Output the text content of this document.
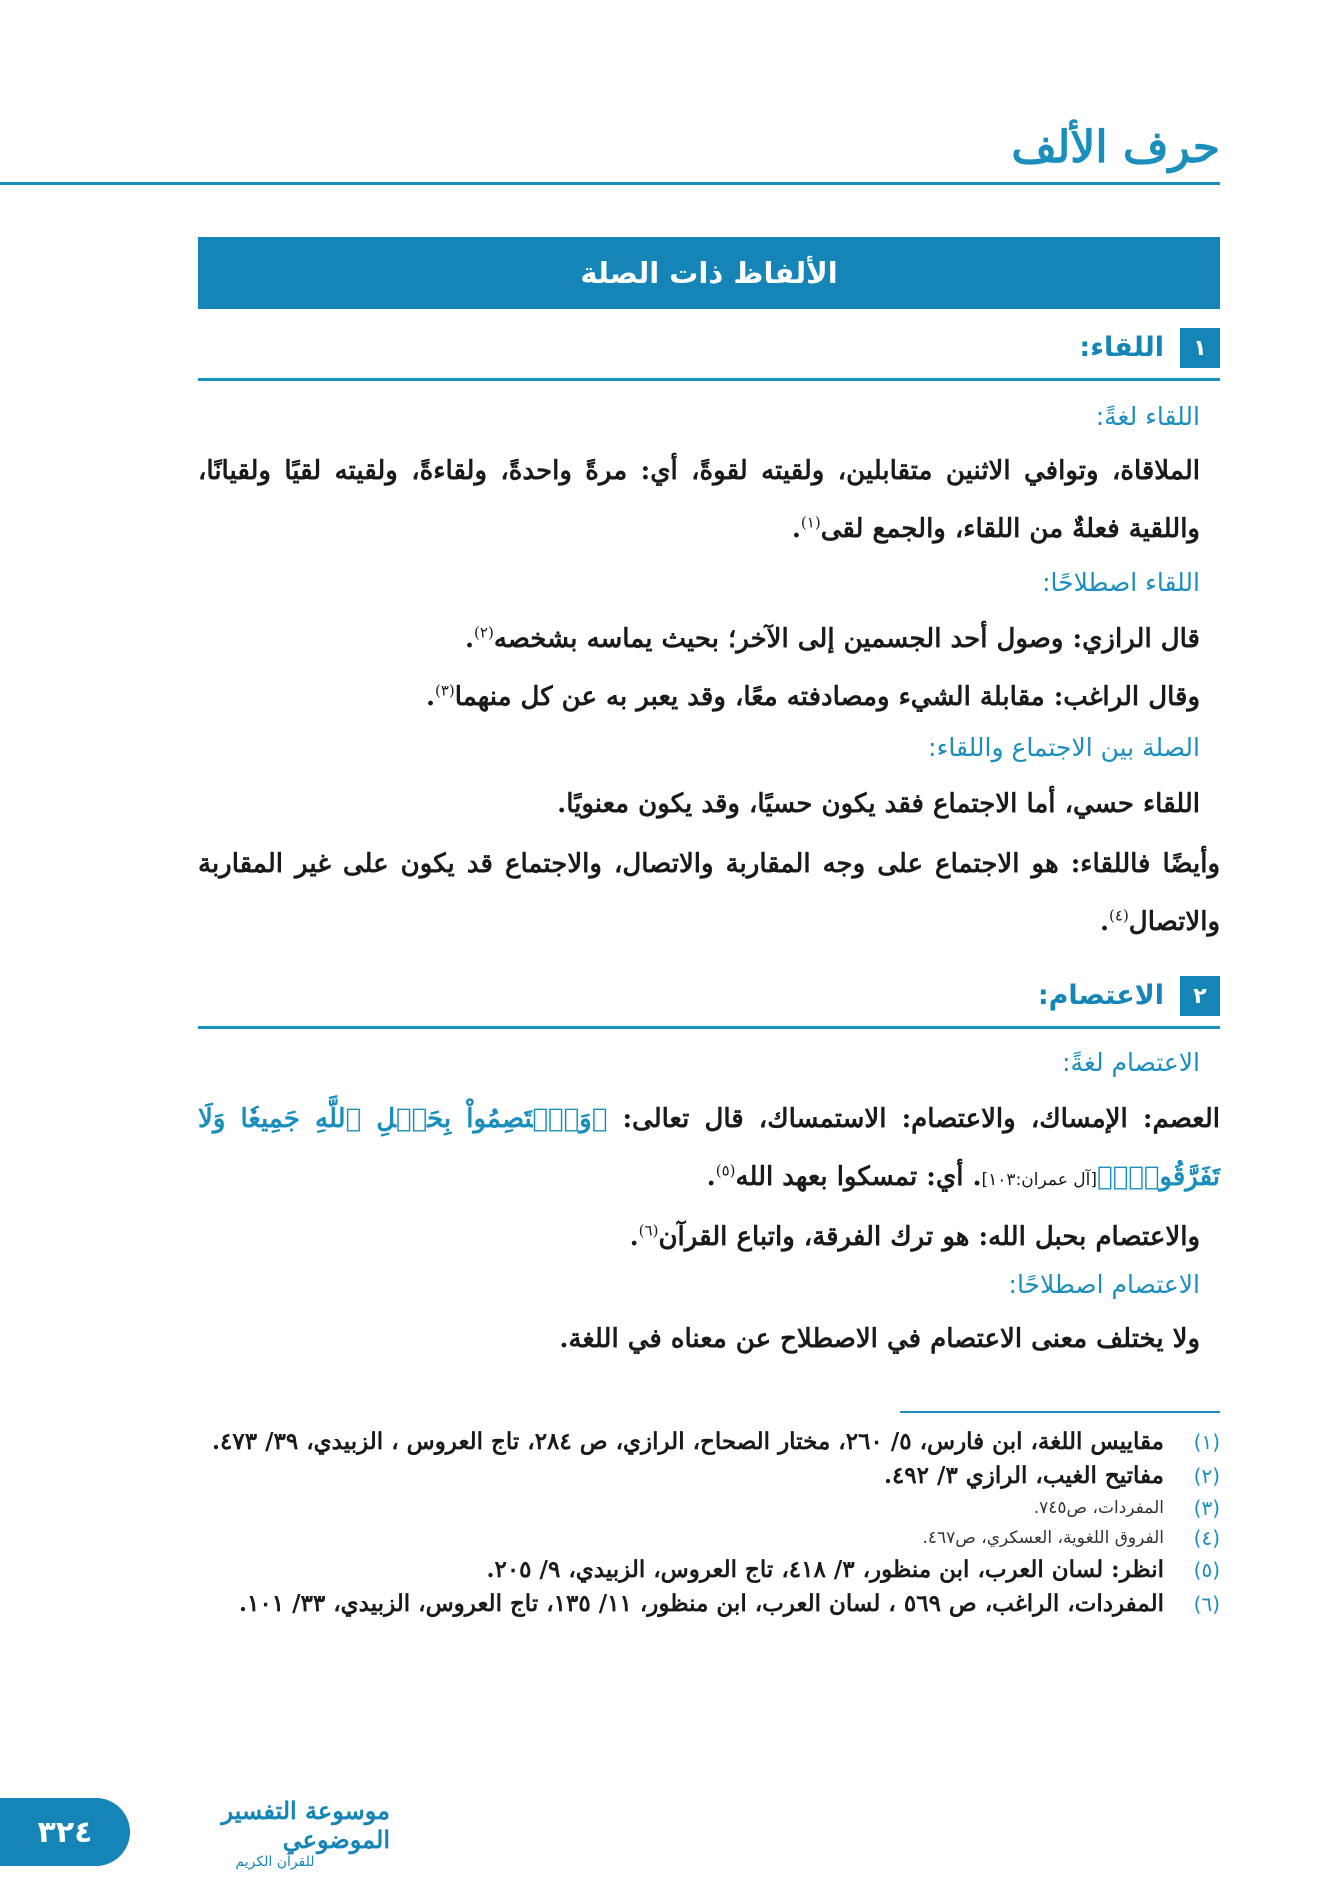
حرف الألف
الألفاظ ذات الصلة
١
اللقاء:
اللقاء لغةً:
الملاقاة، وتوافي الاثنين متقابلين، ولقيته لقوةً، أي: مرةً واحدةً، ولقاءةً، ولقيته لقيًا ولقيانًا، واللقية فعلةٌ من اللقاء، والجمع لقى$^{(١)}$.
اللقاء اصطلاحًا:
قال الرازي: وصول أحد الجسمين إلى الآخر؛ بحيث يماسه بشخصه$^{(٢)}$.
وقال الراغب: مقابلة الشيء ومصادفته معًا، وقد يعبر به عن كل منهما$^{(٣)}$.
الصلة بين الاجتماع واللقاء:
اللقاء حسي، أما الاجتماع فقد يكون حسيًا، وقد يكون معنويًا.
وأيضًا فاللقاء: هو الاجتماع على وجه المقاربة والاتصال، والاجتماع قد يكون على غير المقاربة والاتصال$^{(٤)}$.
٢
الاعتصام:
الاعتصام لغةً:
العصم: الإمساك، والاعتصام: الاستمساك، قال تعالى: ﴿وَٱعۡتَصِمُواْ بِحَبۡلِ ٱللَّهِ جَمِيعٗا وَلَا تَفَرَّقُواْۚ﴾[آل عمران:١٠٣]. أي: تمسكوا بعهد الله$^{(٥)}$.
والاعتصام بحبل الله: هو ترك الفرقة، واتباع القرآن$^{(٦)}$.
الاعتصام اصطلاحًا:
ولا يختلف معنى الاعتصام في الاصطلاح عن معناه في اللغة.
(١)
مقاييس اللغة، ابن فارس، ٥/ ٢٦٠، مختار الصحاح، الرازي، ص ٢٨٤، تاج العروس ، الزبيدي، ٣٩/ ٤٧٣.
(٢)
مفاتيح الغيب، الرازي ٣/ ٤٩٢.
(٣)
المفردات، ص٧٤٥.
(٤)
الفروق اللغوية، العسكري، ص٤٦٧.
(٥)
انظر: لسان العرب، ابن منظور، ٣/ ٤١٨، تاج العروس، الزبيدي، ٩/ ٢٠٥.
(٦)
المفردات، الراغب، ص ٥٦٩ ، لسان العرب، ابن منظور، ١١/ ١٣٥، تاج العروس، الزبيدي، ٣٣/ ١٠١.
موسوعة التفسير الموضوعي
للقرآن الكريم
٣٢٤
